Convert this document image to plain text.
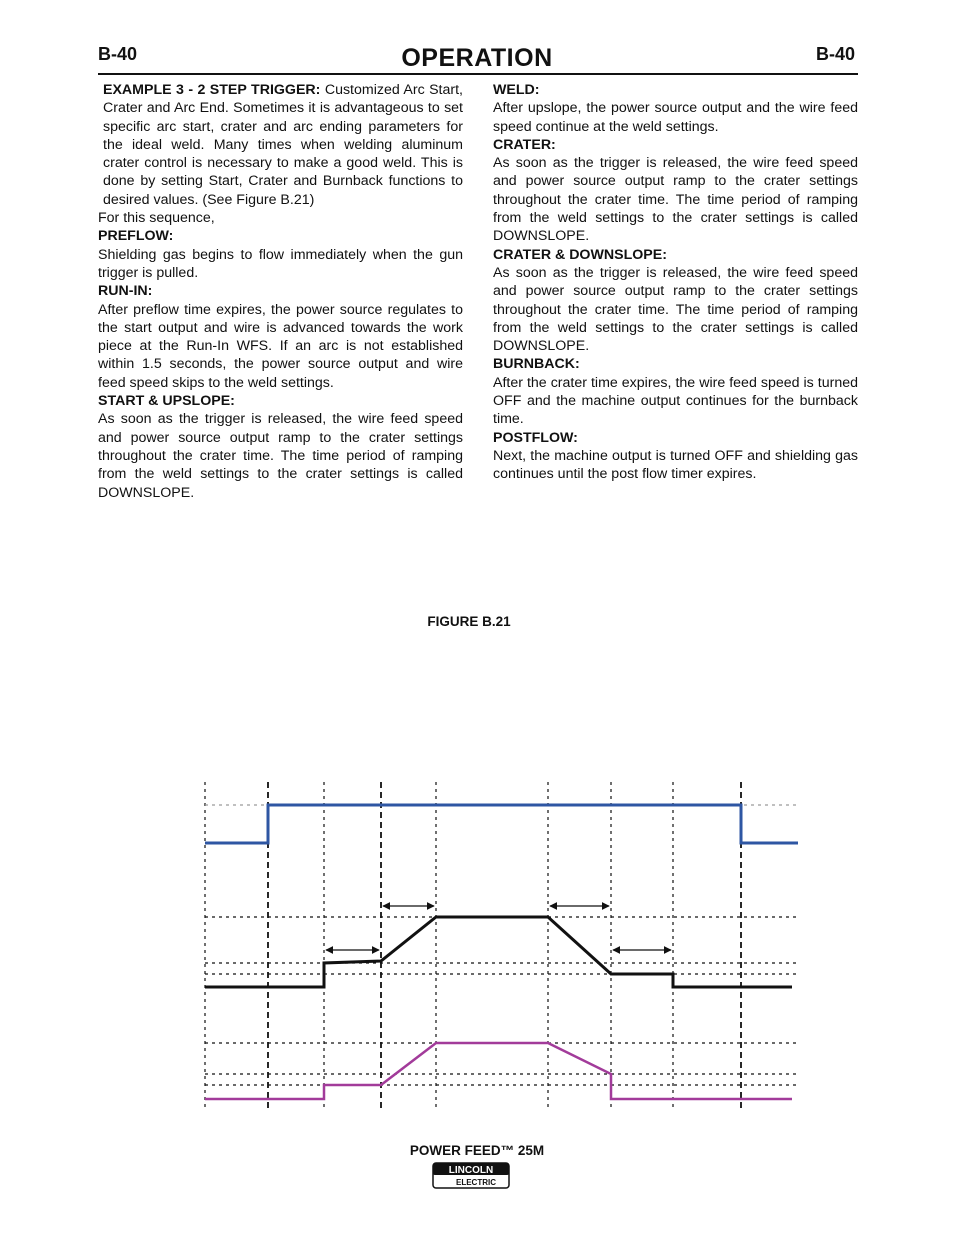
B-40	OPERATION	B-40

EXAMPLE 3 - 2 STEP TRIGGER: Customized Arc Start, Crater and Arc End. Sometimes it is advantageous to set specific arc start, crater and arc ending parameters for the ideal weld. Many times when welding aluminum crater control is necessary to make a good weld. This is done by setting Start, Crater and Burnback functions to desired values. (See Figure B.21)

For this sequence,

PREFLOW:

Shielding gas begins to flow immediately when the gun trigger is pulled.

RUN-IN:

After preflow time expires, the power source regulates to the start output and wire is advanced towards the work piece at the Run-In WFS. If an arc is not established within 1.5 seconds, the power source output and wire feed speed skips to the weld settings.

START & UPSLOPE:

As soon as the trigger is released, the wire feed speed and power source output ramp to the crater settings throughout the crater time. The time period of ramping from the weld settings to the crater settings is called DOWNSLOPE.

WELD:

After upslope, the power source output and the wire feed speed continue at the weld settings.

CRATER:

As soon as the trigger is released, the wire feed speed and power source output ramp to the crater settings throughout the crater time. The time period of ramping from the weld settings to the crater settings is called DOWNSLOPE.

CRATER & DOWNSLOPE:

As soon as the trigger is released, the wire feed speed and power source output ramp to the crater settings throughout the crater time. The time period of ramping from the weld settings to the crater settings is called DOWNSLOPE.

BURNBACK:

After the crater time expires, the wire feed speed is turned OFF and the machine output continues for the burnback time.

POSTFLOW:

Next, the machine output is turned OFF and shielding gas continues until the post flow timer expires.

FIGURE B.21
POWER FEED™ 25M
LINCOLN
ELECTRIC
